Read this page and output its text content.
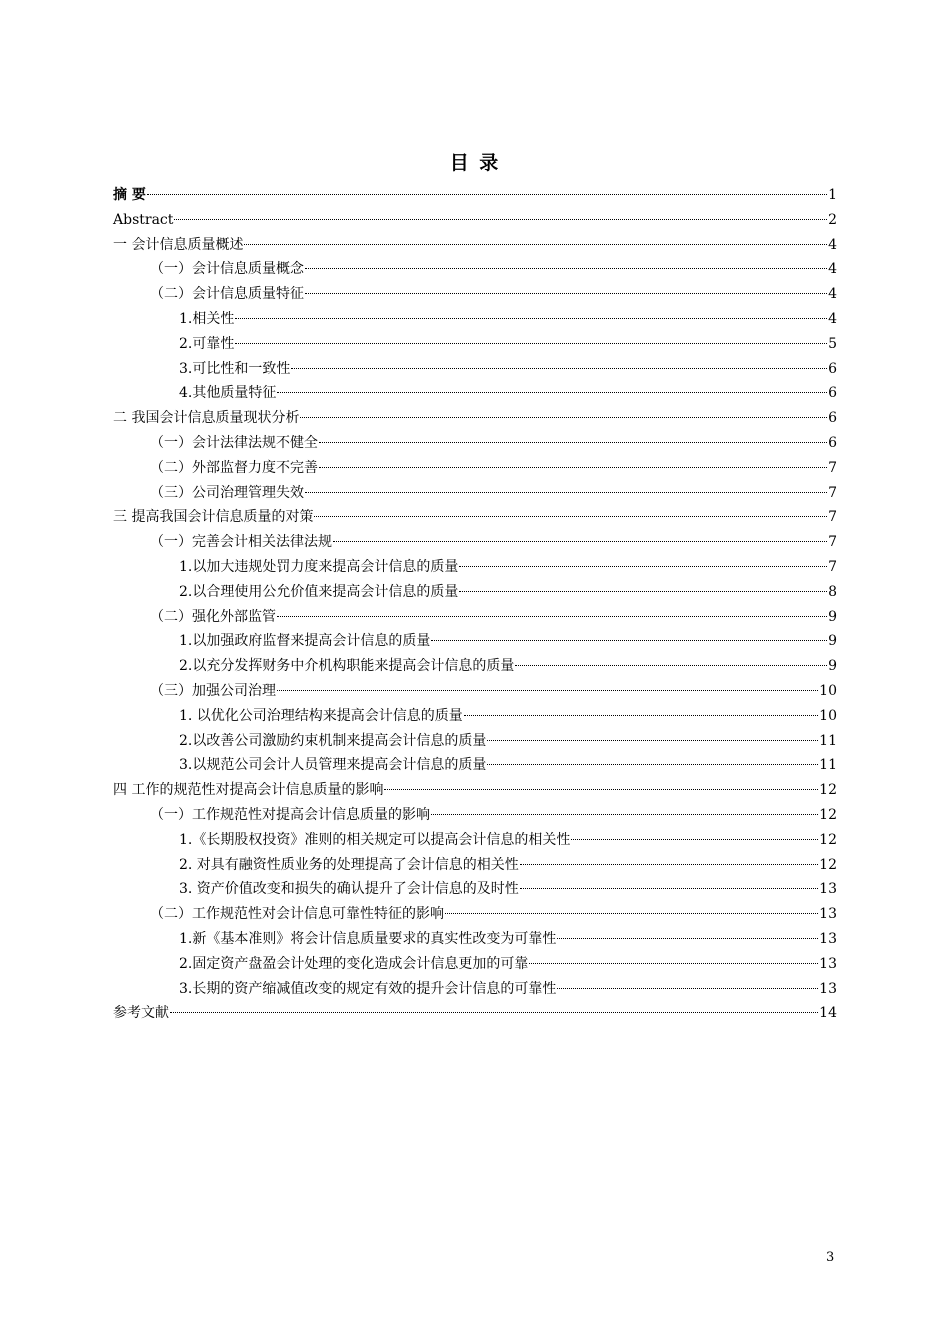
目 录
摘 要	1
Abstract	2
一 会计信息质量概述	4
（一）会计信息质量概念	4
（二）会计信息质量特征	4
1.相关性	4
2.可靠性	5
3.可比性和一致性	6
4.其他质量特征	6
二 我国会计信息质量现状分析	6
（一）会计法律法规不健全	6
（二）外部监督力度不完善	7
（三）公司治理管理失效	7
三 提高我国会计信息质量的对策	7
（一）完善会计相关法律法规	7
1.以加大违规处罚力度来提高会计信息的质量	7
2.以合理使用公允价值来提高会计信息的质量	8
（二）强化外部监管	9
1.以加强政府监督来提高会计信息的质量	9
2.以充分发挥财务中介机构职能来提高会计信息的质量	9
（三）加强公司治理	10
1. 以优化公司治理结构来提高会计信息的质量	10
2.以改善公司激励约束机制来提高会计信息的质量	11
3.以规范公司会计人员管理来提高会计信息的质量	11
四 工作的规范性对提高会计信息质量的影响	12
（一）工作规范性对提高会计信息质量的影响	12
1.《长期股权投资》准则的相关规定可以提高会计信息的相关性	12
2. 对具有融资性质业务的处理提高了会计信息的相关性	12
3. 资产价值改变和损失的确认提升了会计信息的及时性	13
（二）工作规范性对会计信息可靠性特征的影响	13
1.新《基本准则》将会计信息质量要求的真实性改变为可靠性	13
2.固定资产盘盈会计处理的变化造成会计信息更加的可靠	13
3.长期的资产缩减值改变的规定有效的提升会计信息的可靠性	13
参考文献	14
3
